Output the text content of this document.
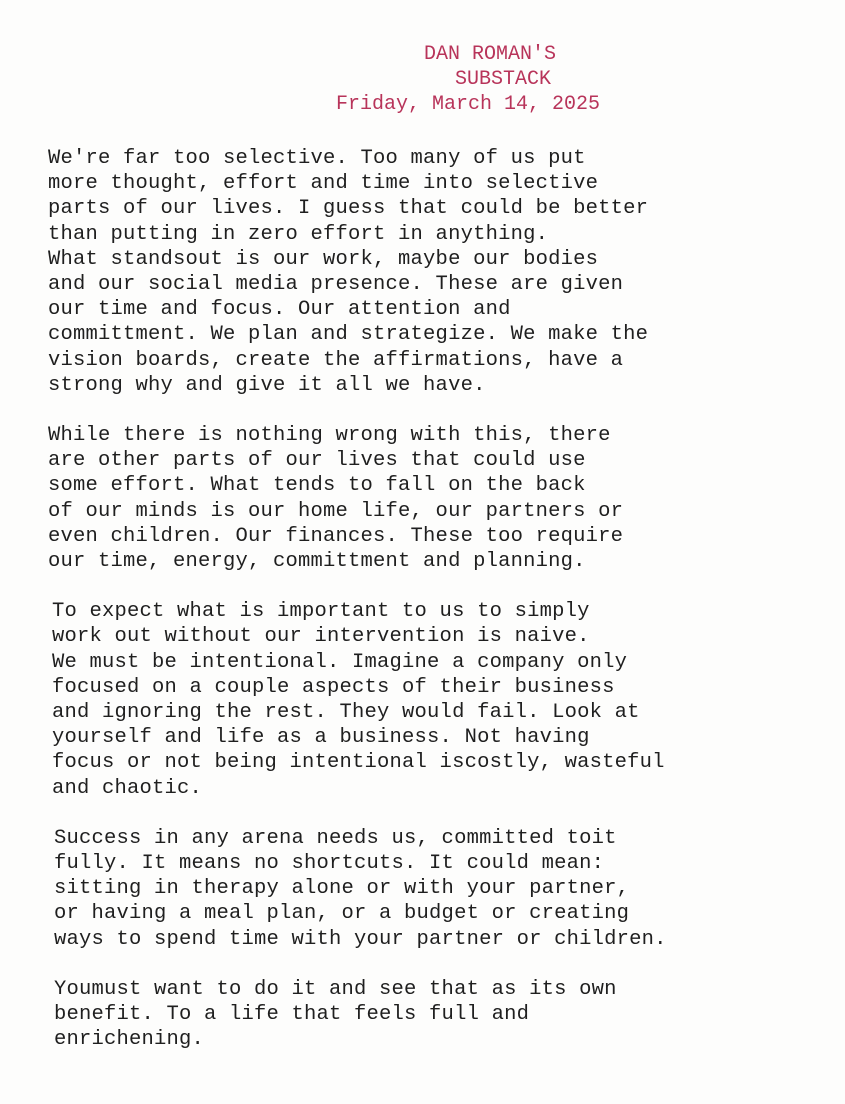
DAN ROMAN'S
SUBSTACK
Friday, March 14, 2025

We're far too selective. Too many of us put
more thought, effort and time into selective
parts of our lives. I guess that could be better
than putting in zero effort in anything.
What standsout is our work, maybe our bodies
and our social media presence. These are given
our time and focus. Our attention and
committment. We plan and strategize. We make the
vision boards, create the affirmations, have a
strong why and give it all we have.

While there is nothing wrong with this, there
are other parts of our lives that could use
some effort. What tends to fall on the back
of our minds is our home life, our partners or
even children. Our finances. These too require
our time, energy, committment and planning.

To expect what is important to us to simply
work out without our intervention is naive.
We must be intentional. Imagine a company only
focused on a couple aspects of their business
and ignoring the rest. They would fail. Look at
yourself and life as a business. Not having
focus or not being intentional iscostly, wasteful
and chaotic.

Success in any arena needs us, committed toit
fully. It means no shortcuts. It could mean:
sitting in therapy alone or with your partner,
or having a meal plan, or a budget or creating
ways to spend time with your partner or children.

Youmust want to do it and see that as its own
benefit. To a life that feels full and
enrichening.
